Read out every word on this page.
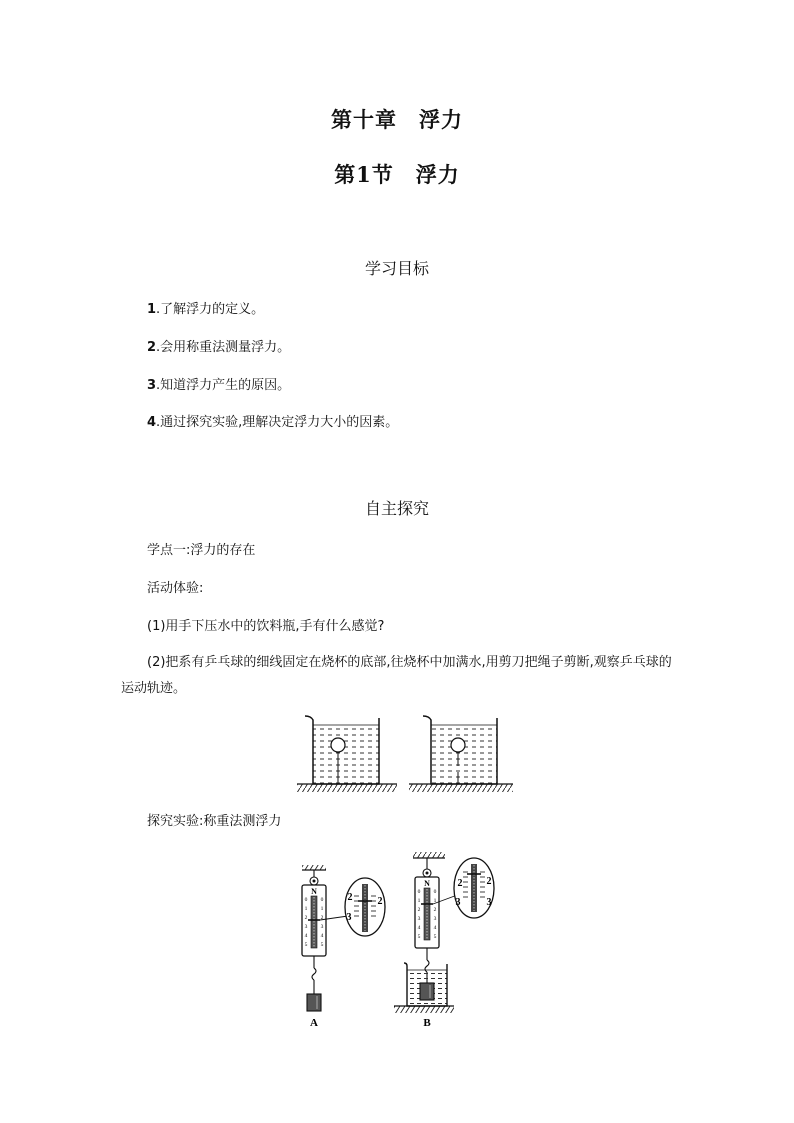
第十章　浮力
第1节　浮力
学习目标
1.了解浮力的定义。
2.会用称重法测量浮力。
3.知道浮力产生的原因。
4.通过探究实验,理解决定浮力大小的因素。
自主探究
学点一:浮力的存在
活动体验:
(1)用手下压水中的饮料瓶,手有什么感觉?
(2)把系有乒乓球的细线固定在烧杯的底部,往烧杯中加满水,用剪刀把绳子剪断,观察乒乓球的运动轨迹。
探究实验:称重法测浮力
N
0
1
2
3
4
5
0
1
2
3
4
5
A
2	2
3
N
0
1
2
3
4
5
0
1
2
3
4
5
B
2 2
3	3
